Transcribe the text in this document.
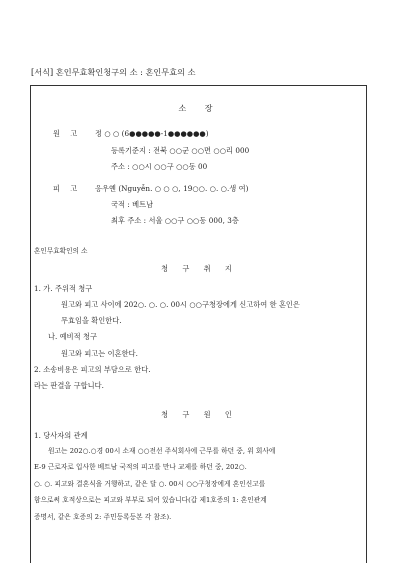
[서식] 혼인무효확인청구의 소 : 혼인무효의 소
소 장
원 고 정 ○ ○ (6●●●●●-1●●●●●●)
등록기준지 : 전북 ○○군 ○○면 ○○리 000
주소 : ○○시 ○○구 ○○동 00
피 고 응우옌 (Nguyễn. ○ ○ ○, 19○○. ○. ○.생 여)
국적 : 베트남
최후 주소 : 서울 ○○구 ○○동 000, 3층
혼인무효확인의 소
청 구 취 지
1. 가. 주위적 청구
원고와 피고 사이에 202○. ○. ○. 00시 ○○구청장에게 신고하여 한 혼인은
무효임을 확인한다.
나. 예비적 청구
원고와 피고는 이혼한다.
2. 소송비용은 피고의 부담으로 한다.
라는 판결을 구합니다.
청 구 원 인
1. 당사자의 관계
원고는 202○.○경 00시 소재 ○○전선 주식회사에 근무를 하던 중, 위 회사에
E-9 근로자로 입사한 베트남 국적의 피고를 만나 교제를 하던 중, 202○.
○. ○. 피고와 결혼식을 거행하고, 같은 달 ○. 00시 ○○구청장에게 혼인신고를
함으로써 호적상으로는 피고와 부부로 되어 있습니다(갑 제1호증의 1: 혼인관계
증명서, 같은 호증의 2: 주민등록등본 각 참조).
